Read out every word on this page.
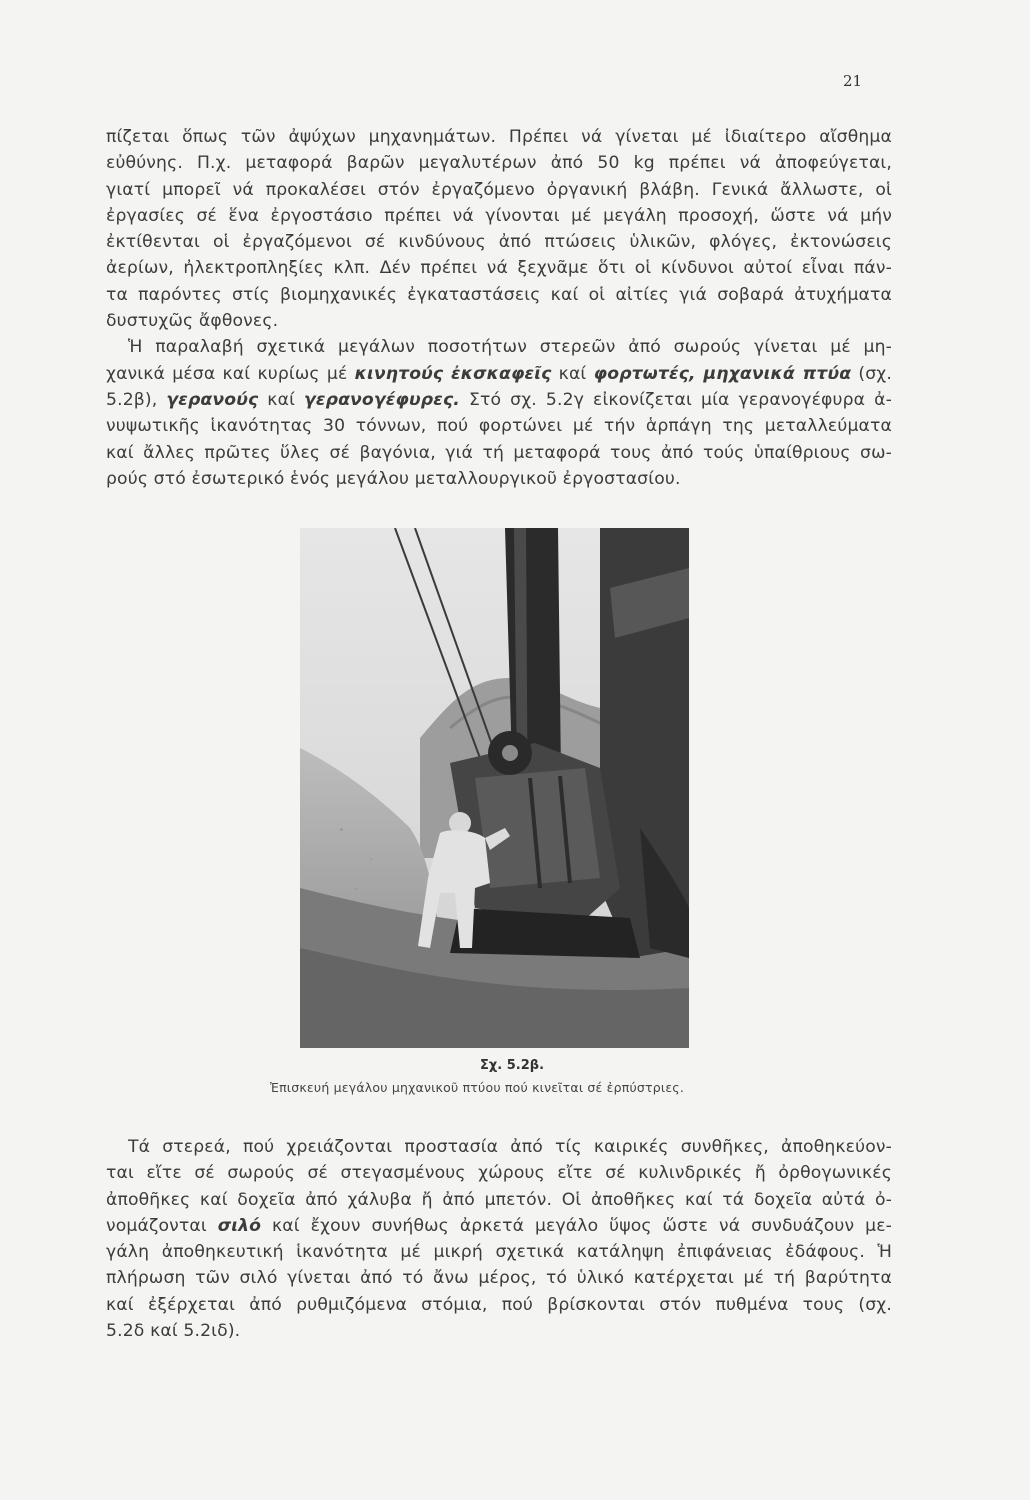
21

πίζεται ὅπως τῶν ἀψύχων μηχανημάτων. Πρέπει νά γίνεται μέ ἰδιαίτερο αἴσθημα
εὐθύνης. Π.χ. μεταφορά βαρῶν μεγαλυτέρων ἀπό 50 kg πρέπει νά ἀποφεύγεται,
γιατί μπορεῖ νά προκαλέσει στόν ἐργαζόμενο ὀργανική βλάβη. Γενικά ἄλλωστε, οἱ
ἐργασίες σέ ἕνα ἐργοστάσιο πρέπει νά γίνονται μέ μεγάλη προσοχή, ὥστε νά μήν
ἐκτίθενται οἱ ἐργαζόμενοι σέ κινδύνους ἀπό πτώσεις ὑλικῶν, φλόγες, ἐκτονώσεις
ἀερίων, ἠλεκτροπληξίες κλπ. Δέν πρέπει νά ξεχνᾶμε ὅτι οἱ κίνδυνοι αὐτοί εἶναι πάν-
τα παρόντες στίς βιομηχανικές ἐγκαταστάσεις καί οἱ αἰτίες γιά σοβαρά ἀτυχήματα
δυστυχῶς ἄφθονες.
Ἡ παραλαβή σχετικά μεγάλων ποσοτήτων στερεῶν ἀπό σωρούς γίνεται μέ μη-
χανικά μέσα καί κυρίως μέ κινητούς ἐκσκαφεῖς καί φορτωτές, μηχανικά πτύα (σχ.
5.2β), γερανούς καί γερανογέφυρες. Στό σχ. 5.2γ εἰκονίζεται μία γερανογέφυρα ἀ-
νυψωτικῆς ἱκανότητας 30 τόννων, πού φορτώνει μέ τήν ἁρπάγη της μεταλλεύματα
καί ἄλλες πρῶτες ὕλες σέ βαγόνια, γιά τή μεταφορά τους ἀπό τούς ὑπαίθριους σω-
ρούς στό ἐσωτερικό ἑνός μεγάλου μεταλλουργικοῦ ἐργοστασίου.

Σχ. 5.2β.
Ἐπισκευή μεγάλου μηχανικοῦ πτύου πού κινεῖται σέ ἐρπύστριες.

Τά στερεά, πού χρειάζονται προστασία ἀπό τίς καιρικές συνθῆκες, ἀποθηκεύον-
ται εἴτε σέ σωρούς σέ στεγασμένους χώρους εἴτε σέ κυλινδρικές ἤ ὀρθογωνικές
ἀποθῆκες καί δοχεῖα ἀπό χάλυβα ἤ ἀπό μπετόν. Οἱ ἀποθῆκες καί τά δοχεῖα αὐτά ὀ-
νομάζονται σιλό καί ἔχουν συνήθως ἀρκετά μεγάλο ὕψος ὥστε νά συνδυάζουν με-
γάλη ἀποθηκευτική ἱκανότητα μέ μικρή σχετικά κατάληψη ἐπιφάνειας ἐδάφους. Ἡ
πλήρωση τῶν σιλό γίνεται ἀπό τό ἄνω μέρος, τό ὑλικό κατέρχεται μέ τή βαρύτητα
καί ἐξέρχεται ἀπό ρυθμιζόμενα στόμια, πού βρίσκονται στόν πυθμένα τους (σχ.
5.2δ καί 5.2ιδ).
